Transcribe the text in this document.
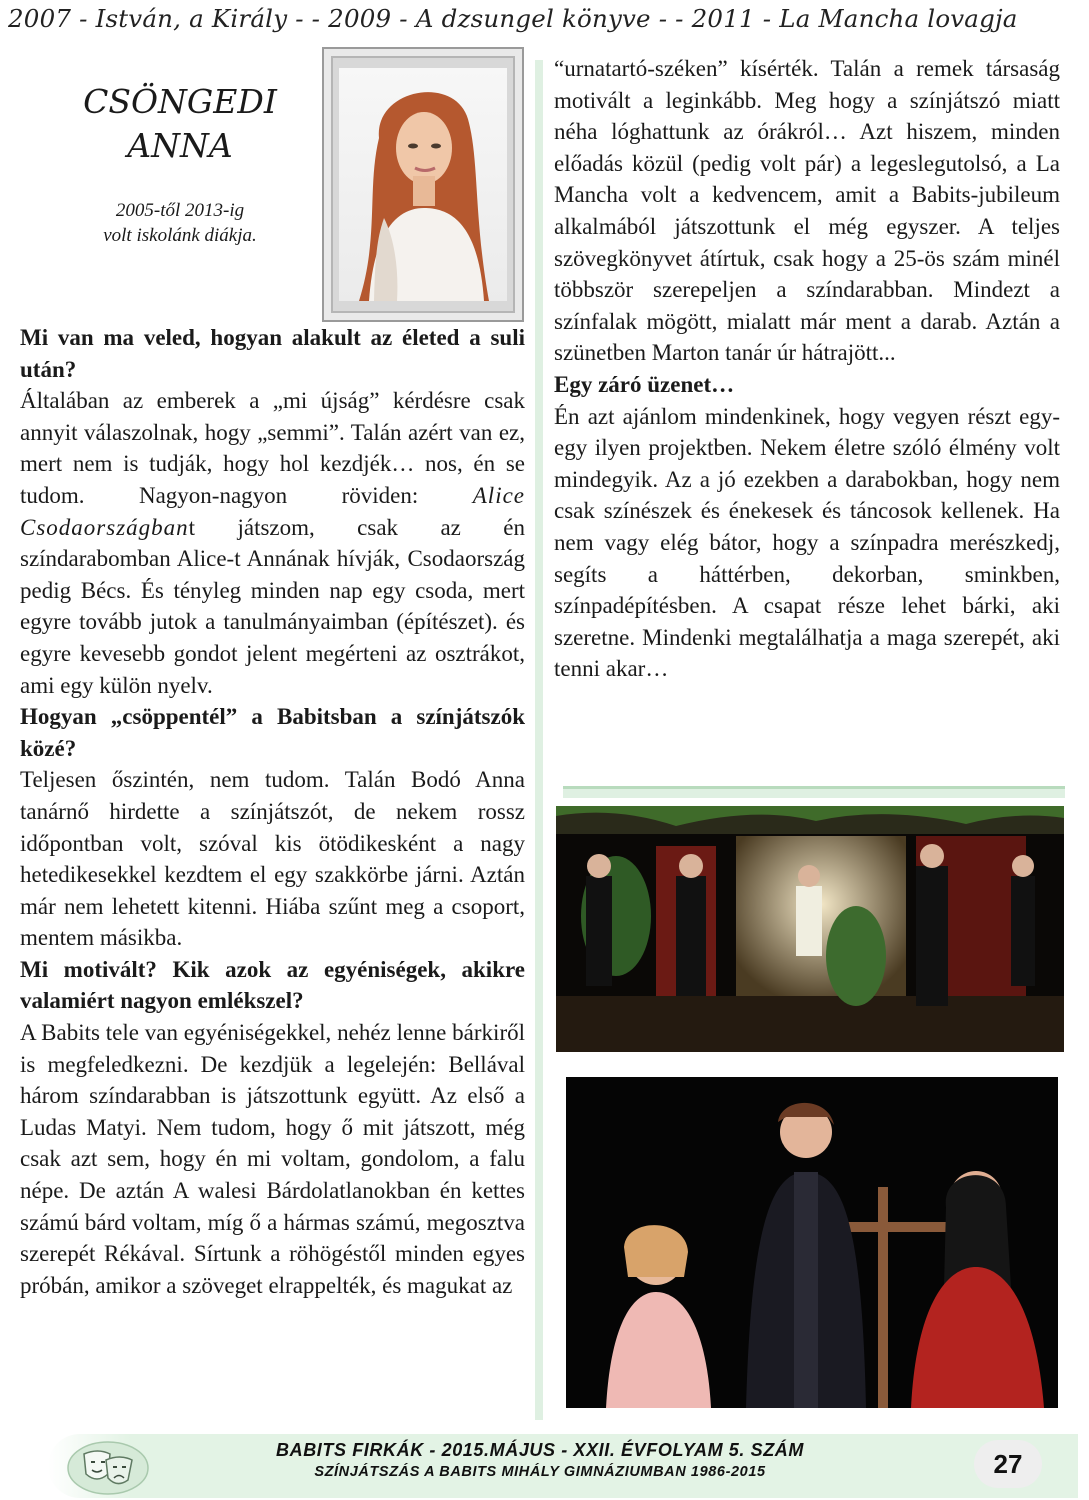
2007 - István, a Király - - 2009 - A dzsungel könyve - - 2011 - La Mancha lovagja
CSÖNGEDI
ANNA
2005-től 2013-ig
volt iskolánk diákja.
Mi van ma veled, hogyan alakult az életed a suli után?
Általában az emberek a „mi újság” kérdésre csak annyit válaszolnak, hogy „semmi”. Talán azért van ez, mert nem is tudják, hogy hol kezdjék… nos, én se tudom. Nagyon-nagyon röviden: Alice Csodaországbant játszom, csak az én színdarabomban Alice-t Annának hívják, Csodaország pedig Bécs. És tényleg minden nap egy csoda, mert egyre tovább jutok a tanulmányaimban (építészet). és egyre kevesebb gondot jelent megérteni az osztrákot, ami egy külön nyelv.
Hogyan „csöppentél” a Babitsban a színjátszók közé?
Teljesen őszintén, nem tudom. Talán Bodó Anna tanárnő hirdette a színjátszót, de nekem rossz időpontban volt, szóval kis ötödikesként a nagy hetedikesekkel kezdtem el egy szakkörbe járni. Aztán már nem lehetett kitenni. Hiába szűnt meg a csoport, mentem másikba.
Mi motivált? Kik azok az egyéniségek, akikre valamiért nagyon emlékszel?
A Babits tele van egyéniségekkel, nehéz lenne bárkiről is megfeledkezni. De kezdjük a legelején: Bellával három színdarabban is játszottunk együtt. Az első a Ludas Matyi. Nem tudom, hogy ő mit játszott, még csak azt sem, hogy én mi voltam, gondolom, a falu népe. De aztán A walesi Bárdolatlanokban én kettes számú bárd voltam, míg ő a hármas számú, megosztva szerepét Rékával. Sírtunk a röhögéstől minden egyes próbán, amikor a szöveget elrappelték, és magukat az
“urnatartó-széken” kísérték. Talán a remek társaság motivált a leginkább. Meg hogy a színjátszó miatt néha lóghattunk az órákról… Azt hiszem, minden előadás közül (pedig volt pár) a legeslegutolsó, a La Mancha volt a kedvencem, amit a Babits-jubileum alkalmából játszottunk el még egyszer. A teljes szövegkönyvet átírtuk, csak hogy a 25-ös szám minél többször szerepeljen a színdarabban. Mindezt a színfalak mögött, mialatt már ment a darab. Aztán a szünetben Marton tanár úr hátrajött...
Egy záró üzenet…
Én azt ajánlom mindenkinek, hogy vegyen részt egy-egy ilyen projektben. Nekem életre szóló élmény volt mindegyik. Az a jó ezekben a darabokban, hogy nem csak színészek és énekesek és táncosok kellenek. Ha nem vagy elég bátor, hogy a színpadra merészkedj, segíts a háttérben, dekorban, sminkben, színpadépítésben. A csapat része lehet bárki, aki szeretne. Mindenki megtalálhatja a maga szerepét, aki tenni akar…
BABITS FIRKÁK - 2015.MÁJUS - XXII. ÉVFOLYAM 5. SZÁM
SZÍNJÁTSZÁS A BABITS MIHÁLY GIMNÁZIUMBAN 1986-2015	27
